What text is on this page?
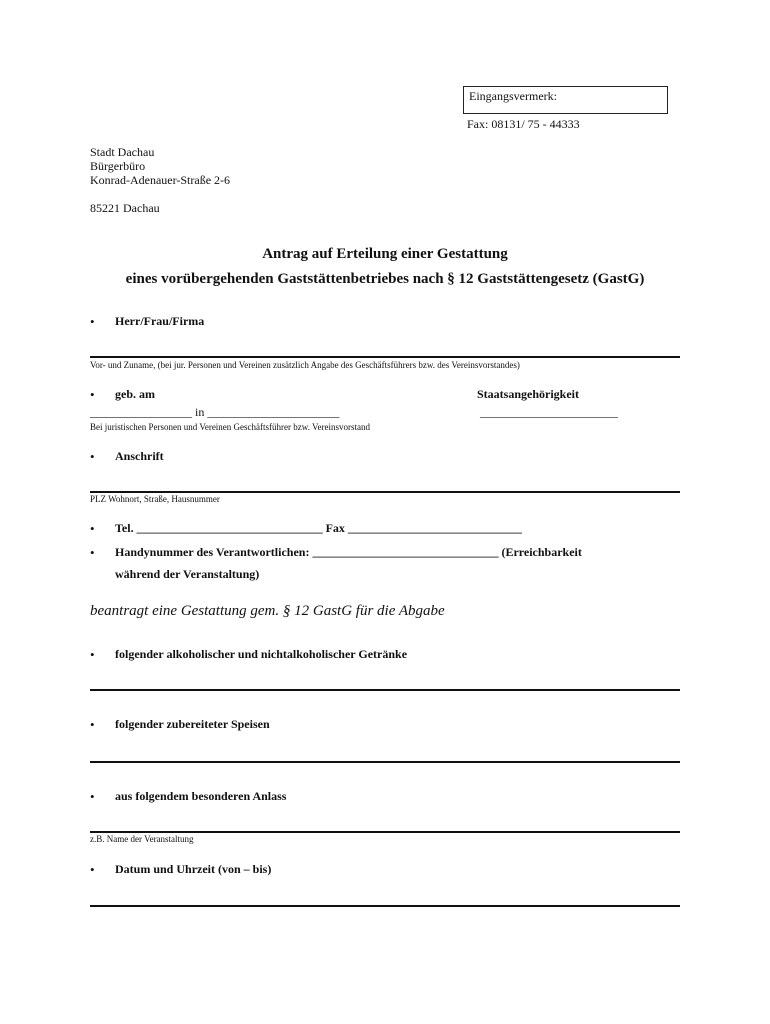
Eingangsvermerk:
Fax: 08131/ 75 - 44333
Stadt Dachau
Bürgerbüro
Konrad-Adenauer-Straße 2-6
85221 Dachau
Antrag auf Erteilung einer Gestattung
eines vorübergehenden Gaststättenbetriebes nach § 12 Gaststättengesetz (GastG)
• Herr/Frau/Firma
Vor- und Zuname, (bei jur. Personen und Vereinen zusätzlich Angabe des Geschäftsführers bzw. des Vereinsvorstandes)
• geb. am	Staatsangehörigkeit
_________________ in ______________________	_______________________
Bei juristischen Personen und Vereinen Geschäftsführer bzw. Vereinsvorstand
• Anschrift
PLZ Wohnort, Straße, Hausnummer
• Tel. _______________________________ Fax _____________________________
• Handynummer des Verantwortlichen: _______________________________ (Erreichbarkeit
während der Veranstaltung)
beantragt eine Gestattung gem. § 12 GastG für die Abgabe
• folgender alkoholischer und nichtalkoholischer Getränke
• folgender zubereiteter Speisen
• aus folgendem besonderen Anlass
z.B. Name der Veranstaltung
• Datum und Uhrzeit (von – bis)
